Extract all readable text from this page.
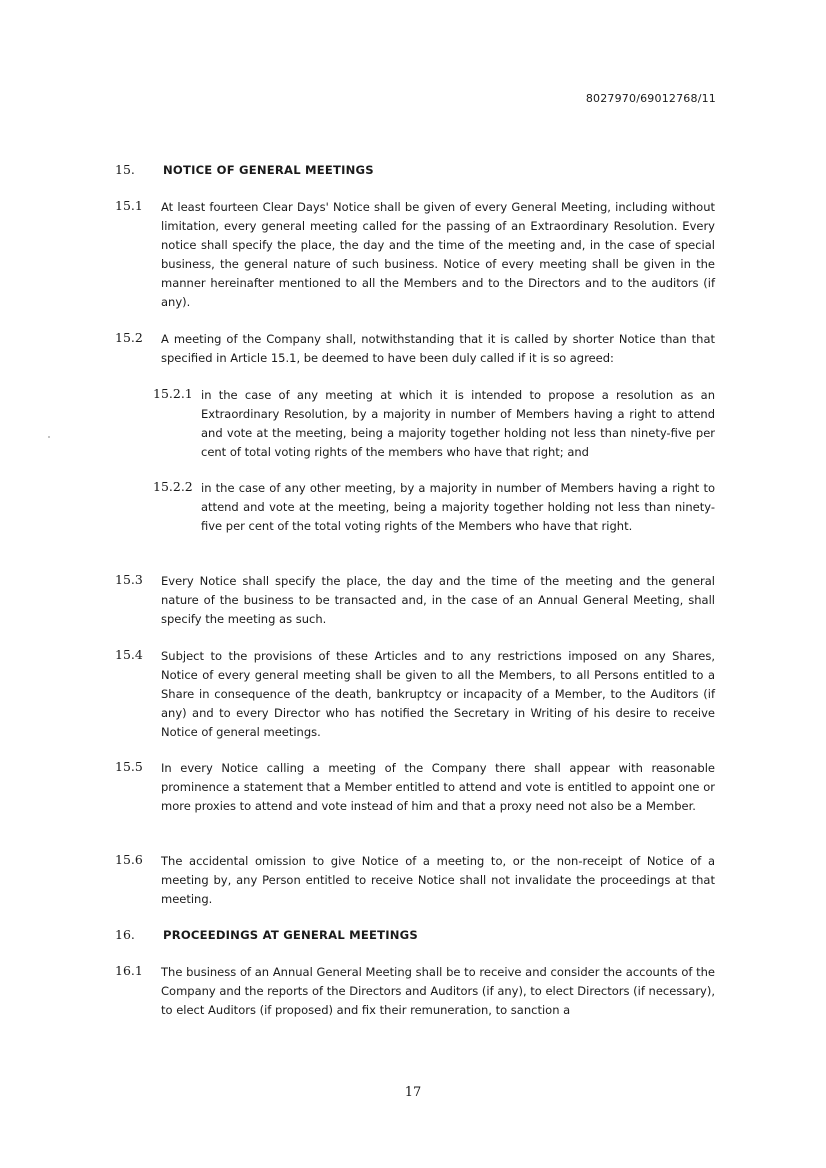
8027970/69012768/11
15. NOTICE OF GENERAL MEETINGS
15.1 At least fourteen Clear Days' Notice shall be given of every General Meeting, including without limitation, every general meeting called for the passing of an Extraordinary Resolution. Every notice shall specify the place, the day and the time of the meeting and, in the case of special business, the general nature of such business. Notice of every meeting shall be given in the manner hereinafter mentioned to all the Members and to the Directors and to the auditors (if any).
15.2 A meeting of the Company shall, notwithstanding that it is called by shorter Notice than that specified in Article 15.1, be deemed to have been duly called if it is so agreed:
15.2.1 in the case of any meeting at which it is intended to propose a resolution as an Extraordinary Resolution, by a majority in number of Members having a right to attend and vote at the meeting, being a majority together holding not less than ninety-five per cent of total voting rights of the members who have that right; and
15.2.2 in the case of any other meeting, by a majority in number of Members having a right to attend and vote at the meeting, being a majority together holding not less than ninety-five per cent of the total voting rights of the Members who have that right.
15.3 Every Notice shall specify the place, the day and the time of the meeting and the general nature of the business to be transacted and, in the case of an Annual General Meeting, shall specify the meeting as such.
15.4 Subject to the provisions of these Articles and to any restrictions imposed on any Shares, Notice of every general meeting shall be given to all the Members, to all Persons entitled to a Share in consequence of the death, bankruptcy or incapacity of a Member, to the Auditors (if any) and to every Director who has notified the Secretary in Writing of his desire to receive Notice of general meetings.
15.5 In every Notice calling a meeting of the Company there shall appear with reasonable prominence a statement that a Member entitled to attend and vote is entitled to appoint one or more proxies to attend and vote instead of him and that a proxy need not also be a Member.
15.6 The accidental omission to give Notice of a meeting to, or the non-receipt of Notice of a meeting by, any Person entitled to receive Notice shall not invalidate the proceedings at that meeting.
16. PROCEEDINGS AT GENERAL MEETINGS
16.1 The business of an Annual General Meeting shall be to receive and consider the accounts of the Company and the reports of the Directors and Auditors (if any), to elect Directors (if necessary), to elect Auditors (if proposed) and fix their remuneration, to sanction a
17
